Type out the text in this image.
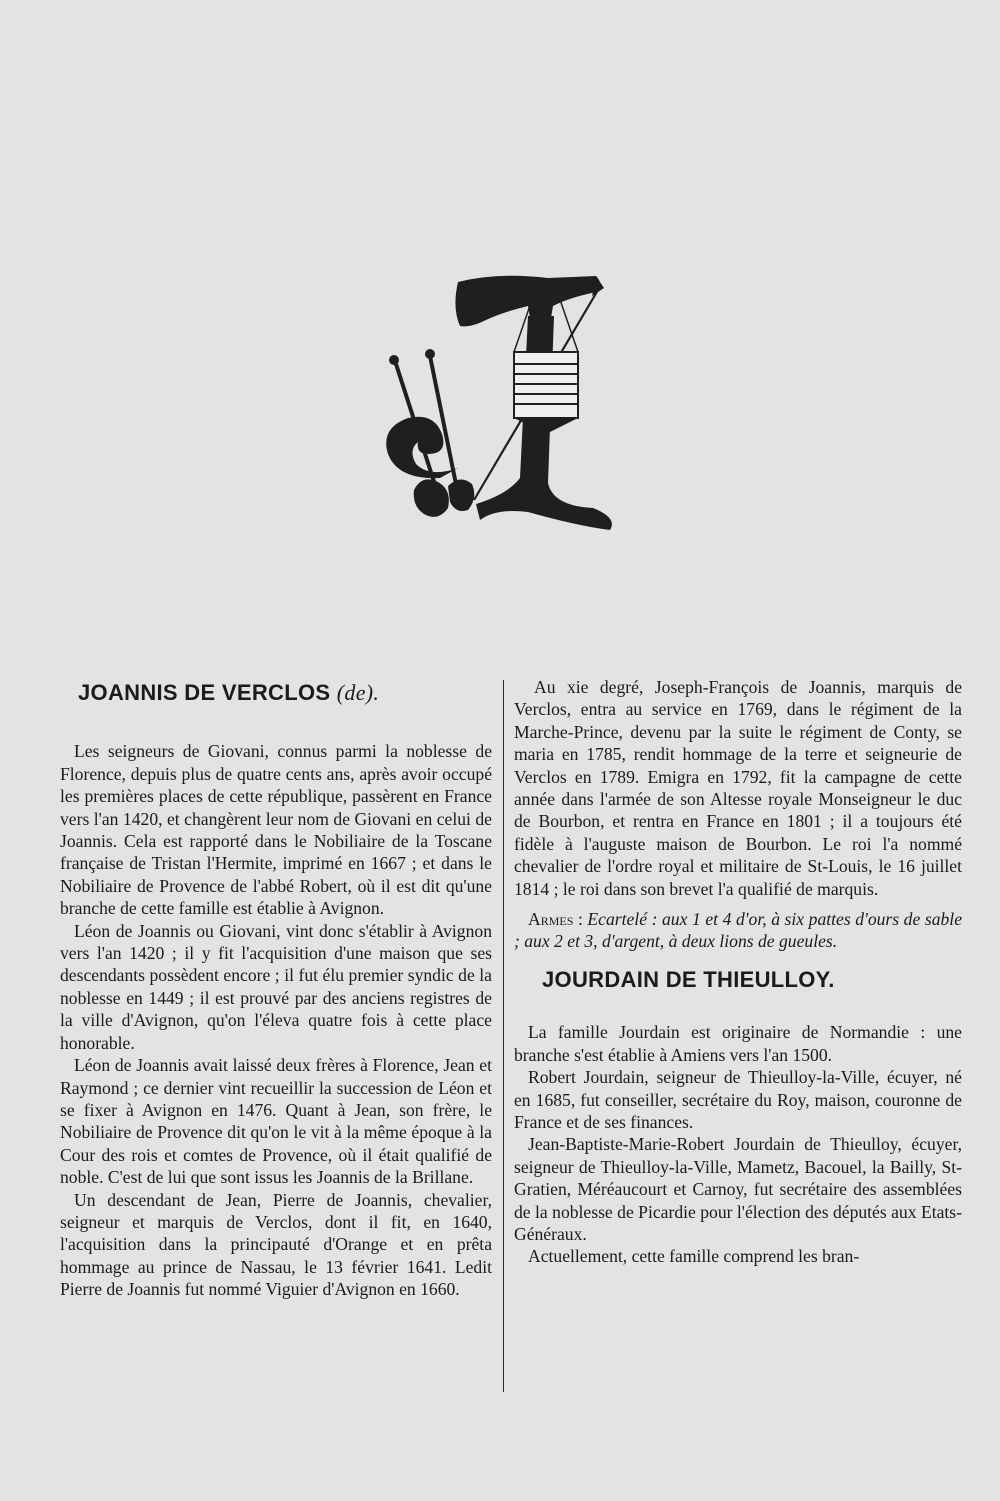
JOANNIS DE VERCLOS (de).

Les seigneurs de Giovani, connus parmi la noblesse de Florence, depuis plus de quatre cents ans, après avoir occupé les premières places de cette république, passèrent en France vers l'an 1420, et changèrent leur nom de Giovani en celui de Joannis. Cela est rapporté dans le Nobiliaire de la Toscane française de Tristan l'Hermite, imprimé en 1667 ; et dans le Nobiliaire de Provence de l'abbé Robert, où il est dit qu'une branche de cette famille est établie à Avignon.

Léon de Joannis ou Giovani, vint donc s'établir à Avignon vers l'an 1420 ; il y fit l'acquisition d'une maison que ses descendants possèdent encore ; il fut élu premier syndic de la noblesse en 1449 ; il est prouvé par des anciens registres de la ville d'Avignon, qu'on l'éleva quatre fois à cette place honorable.

Léon de Joannis avait laissé deux frères à Florence, Jean et Raymond ; ce dernier vint recueillir la succession de Léon et se fixer à Avignon en 1476. Quant à Jean, son frère, le Nobiliaire de Provence dit qu'on le vit à la même époque à la Cour des rois et comtes de Provence, où il était qualifié de noble. C'est de lui que sont issus les Joannis de la Brillane.

Un descendant de Jean, Pierre de Joannis, chevalier, seigneur et marquis de Verclos, dont il fit, en 1640, l'acquisition dans la principauté d'Orange et en prêta hommage au prince de Nassau, le 13 février 1641. Ledit Pierre de Joannis fut nommé Viguier d'Avignon en 1660.

Au xie degré, Joseph-François de Joannis, marquis de Verclos, entra au service en 1769, dans le régiment de la Marche-Prince, devenu par la suite le régiment de Conty, se maria en 1785, rendit hommage de la terre et seigneurie de Verclos en 1789. Emigra en 1792, fit la campagne de cette année dans l'armée de son Altesse royale Monseigneur le duc de Bourbon, et rentra en France en 1801 ; il a toujours été fidèle à l'auguste maison de Bourbon. Le roi l'a nommé chevalier de l'ordre royal et militaire de St-Louis, le 16 juillet 1814 ; le roi dans son brevet l'a qualifié de marquis.

Armes : Ecartelé : aux 1 et 4 d'or, à six pattes d'ours de sable ; aux 2 et 3, d'argent, à deux lions de gueules.

JOURDAIN DE THIEULLOY.

La famille Jourdain est originaire de Normandie : une branche s'est établie à Amiens vers l'an 1500.

Robert Jourdain, seigneur de Thieulloy-la-Ville, écuyer, né en 1685, fut conseiller, secrétaire du Roy, maison, couronne de France et de ses finances.

Jean-Baptiste-Marie-Robert Jourdain de Thieulloy, écuyer, seigneur de Thieulloy-la-Ville, Mametz, Bacouel, la Bailly, St-Gratien, Méréaucourt et Carnoy, fut secrétaire des assemblées de la noblesse de Picardie pour l'élection des députés aux Etats-Généraux.

Actuellement, cette famille comprend les bran-
